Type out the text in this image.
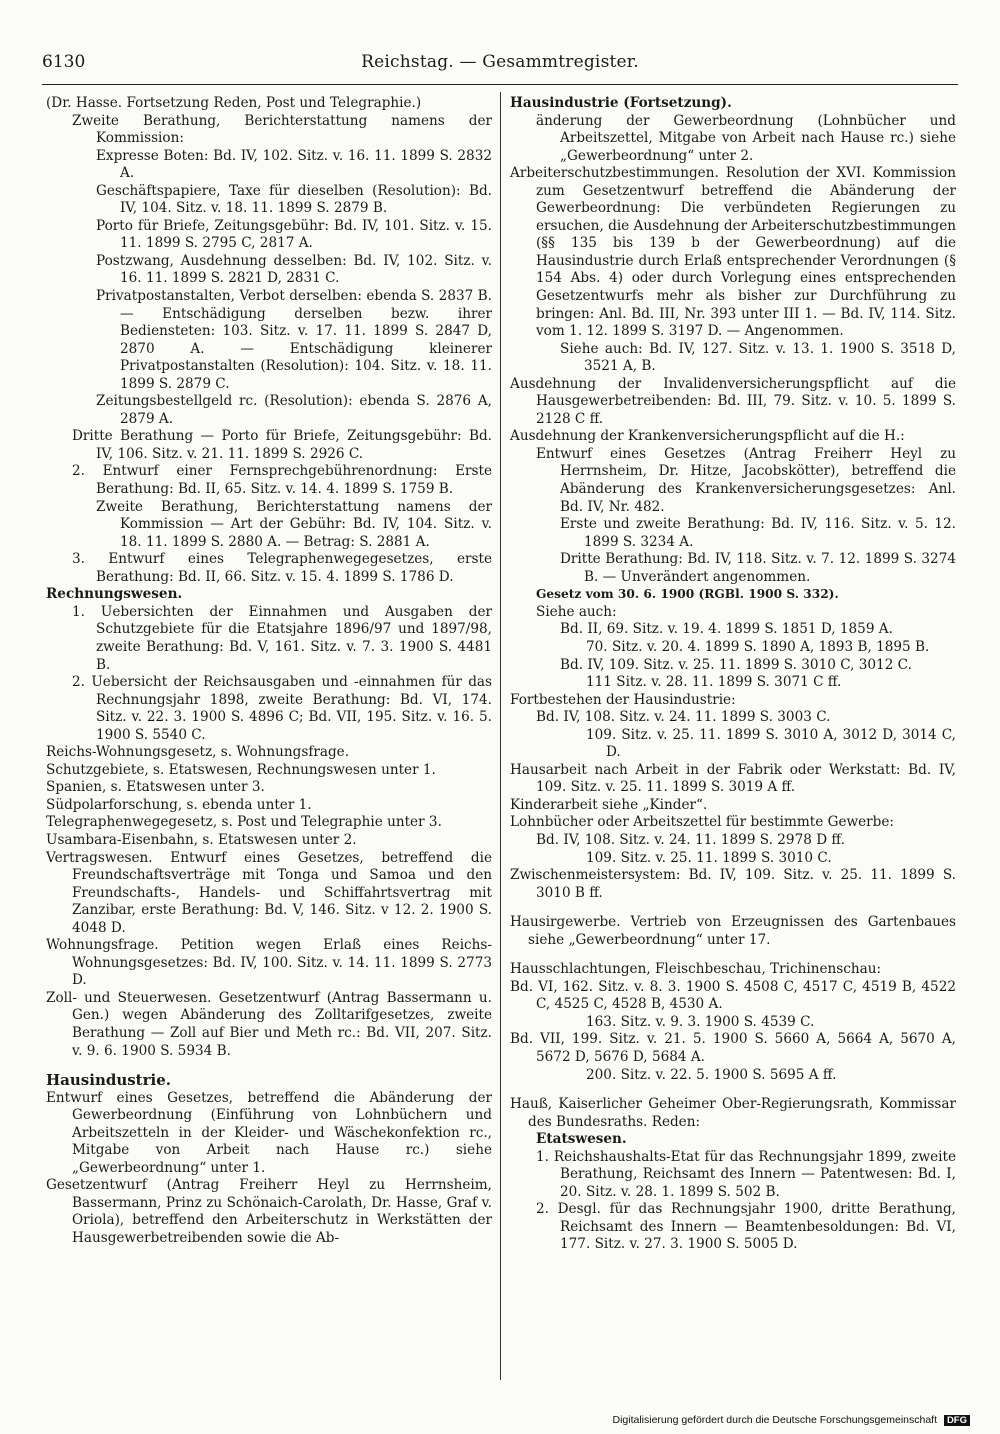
6130	Reichstag. — Gesammtregister.

(Dr. Hasse. Fortsetzung Reden, Post und Telegraphie.)

Zweite Berathung, Berichterstattung namens der Kommission:

Expresse Boten: Bd. IV, 102. Sitz. v. 16. 11. 1899 S. 2832 A.

Geschäftspapiere, Taxe für dieselben (Resolution): Bd. IV, 104. Sitz. v. 18. 11. 1899 S. 2879 B.

Porto für Briefe, Zeitungsgebühr: Bd. IV, 101. Sitz. v. 15. 11. 1899 S. 2795 C, 2817 A.

Postzwang, Ausdehnung desselben: Bd. IV, 102. Sitz. v. 16. 11. 1899 S. 2821 D, 2831 C.

Privatpostanstalten, Verbot derselben: ebenda S. 2837 B. — Entschädigung derselben bezw. ihrer Bediensteten: 103. Sitz. v. 17. 11. 1899 S. 2847 D, 2870 A. — Entschädigung kleinerer Privatpostanstalten (Resolution): 104. Sitz. v. 18. 11. 1899 S. 2879 C.

Zeitungsbestellgeld rc. (Resolution): ebenda S. 2876 A, 2879 A.

Dritte Berathung — Porto für Briefe, Zeitungsgebühr: Bd. IV, 106. Sitz. v. 21. 11. 1899 S. 2926 C.

2. Entwurf einer Fernsprechgebührenordnung: Erste Berathung: Bd. II, 65. Sitz. v. 14. 4. 1899 S. 1759 B.

Zweite Berathung, Berichterstattung namens der Kommission — Art der Gebühr: Bd. IV, 104. Sitz. v. 18. 11. 1899 S. 2880 A. — Betrag: S. 2881 A.

3. Entwurf eines Telegraphenwegegesetzes, erste Berathung: Bd. II, 66. Sitz. v. 15. 4. 1899 S. 1786 D.

Rechnungswesen.

1. Uebersichten der Einnahmen und Ausgaben der Schutzgebiete für die Etatsjahre 1896/97 und 1897/98, zweite Berathung: Bd. V, 161. Sitz. v. 7. 3. 1900 S. 4481 B.

2. Uebersicht der Reichsausgaben und -einnahmen für das Rechnungsjahr 1898, zweite Berathung: Bd. VI, 174. Sitz. v. 22. 3. 1900 S. 4896 C; Bd. VII, 195. Sitz. v. 16. 5. 1900 S. 5540 C.

Reichs-Wohnungsgesetz, s. Wohnungsfrage.

Schutzgebiete, s. Etatswesen, Rechnungswesen unter 1.

Spanien, s. Etatswesen unter 3.

Südpolarforschung, s. ebenda unter 1.

Telegraphenwegegesetz, s. Post und Telegraphie unter 3.

Usambara-Eisenbahn, s. Etatswesen unter 2.

Vertragswesen. Entwurf eines Gesetzes, betreffend die Freundschaftsverträge mit Tonga und Samoa und den Freundschafts-, Handels- und Schiffahrtsvertrag mit Zanzibar, erste Berathung: Bd. V, 146. Sitz. v 12. 2. 1900 S. 4048 D.

Wohnungsfrage. Petition wegen Erlaß eines Reichs-Wohnungsgesetzes: Bd. IV, 100. Sitz. v. 14. 11. 1899 S. 2773 D.

Zoll- und Steuerwesen. Gesetzentwurf (Antrag Bassermann u. Gen.) wegen Abänderung des Zolltarifgesetzes, zweite Berathung — Zoll auf Bier und Meth rc.: Bd. VII, 207. Sitz. v. 9. 6. 1900 S. 5934 B.

Hausindustrie.

Entwurf eines Gesetzes, betreffend die Abänderung der Gewerbeordnung (Einführung von Lohnbüchern und Arbeitszetteln in der Kleider- und Wäschekonfektion rc., Mitgabe von Arbeit nach Hause rc.) siehe „Gewerbeordnung“ unter 1.

Gesetzentwurf (Antrag Freiherr Heyl zu Herrnsheim, Bassermann, Prinz zu Schönaich-Carolath, Dr. Hasse, Graf v. Oriola), betreffend den Arbeiterschutz in Werkstätten der Hausgewerbetreibenden sowie die Ab-

Hausindustrie (Fortsetzung).

änderung der Gewerbeordnung (Lohnbücher und Arbeitszettel, Mitgabe von Arbeit nach Hause rc.) siehe „Gewerbeordnung“ unter 2.

Arbeiterschutzbestimmungen. Resolution der XVI. Kommission zum Gesetzentwurf betreffend die Abänderung der Gewerbeordnung: Die verbündeten Regierungen zu ersuchen, die Ausdehnung der Arbeiterschutzbestimmungen (§§ 135 bis 139 b der Gewerbeordnung) auf die Hausindustrie durch Erlaß entsprechender Verordnungen (§ 154 Abs. 4) oder durch Vorlegung eines entsprechenden Gesetzentwurfs mehr als bisher zur Durchführung zu bringen: Anl. Bd. III, Nr. 393 unter III 1. — Bd. IV, 114. Sitz. vom 1. 12. 1899 S. 3197 D. — Angenommen.

Siehe auch: Bd. IV, 127. Sitz. v. 13. 1. 1900 S. 3518 D, 3521 A, B.

Ausdehnung der Invalidenversicherungspflicht auf die Hausgewerbetreibenden: Bd. III, 79. Sitz. v. 10. 5. 1899 S. 2128 C ff.

Ausdehnung der Krankenversicherungspflicht auf die H.:

Entwurf eines Gesetzes (Antrag Freiherr Heyl zu Herrnsheim, Dr. Hitze, Jacobskötter), betreffend die Abänderung des Krankenversicherungsgesetzes: Anl. Bd. IV, Nr. 482.

Erste und zweite Berathung: Bd. IV, 116. Sitz. v. 5. 12. 1899 S. 3234 A.

Dritte Berathung: Bd. IV, 118. Sitz. v. 7. 12. 1899 S. 3274 B. — Unverändert angenommen.

Gesetz vom 30. 6. 1900 (RGBl. 1900 S. 332).

Siehe auch:

Bd. II, 69. Sitz. v. 19. 4. 1899 S. 1851 D, 1859 A.

70. Sitz. v. 20. 4. 1899 S. 1890 A, 1893 B, 1895 B.

Bd. IV, 109. Sitz. v. 25. 11. 1899 S. 3010 C, 3012 C.

111 Sitz. v. 28. 11. 1899 S. 3071 C ff.

Fortbestehen der Hausindustrie:

Bd. IV, 108. Sitz. v. 24. 11. 1899 S. 3003 C.

109. Sitz. v. 25. 11. 1899 S. 3010 A, 3012 D, 3014 C, D.

Hausarbeit nach Arbeit in der Fabrik oder Werkstatt: Bd. IV, 109. Sitz. v. 25. 11. 1899 S. 3019 A ff.

Kinderarbeit siehe „Kinder“.

Lohnbücher oder Arbeitszettel für bestimmte Gewerbe:

Bd. IV, 108. Sitz. v. 24. 11. 1899 S. 2978 D ff.

109. Sitz. v. 25. 11. 1899 S. 3010 C.

Zwischenmeistersystem: Bd. IV, 109. Sitz. v. 25. 11. 1899 S. 3010 B ff.

Hausirgewerbe. Vertrieb von Erzeugnissen des Gartenbaues siehe „Gewerbeordnung“ unter 17.

Hausschlachtungen, Fleischbeschau, Trichinenschau:

Bd. VI, 162. Sitz. v. 8. 3. 1900 S. 4508 C, 4517 C, 4519 B, 4522 C, 4525 C, 4528 B, 4530 A.

163. Sitz. v. 9. 3. 1900 S. 4539 C.

Bd. VII, 199. Sitz. v. 21. 5. 1900 S. 5660 A, 5664 A, 5670 A, 5672 D, 5676 D, 5684 A.

200. Sitz. v. 22. 5. 1900 S. 5695 A ff.

Hauß, Kaiserlicher Geheimer Ober-Regierungsrath, Kommissar des Bundesraths. Reden:

Etatswesen.

1. Reichshaushalts-Etat für das Rechnungsjahr 1899, zweite Berathung, Reichsamt des Innern — Patentwesen: Bd. I, 20. Sitz. v. 28. 1. 1899 S. 502 B.

2. Desgl. für das Rechnungsjahr 1900, dritte Berathung, Reichsamt des Innern — Beamtenbesoldungen: Bd. VI, 177. Sitz. v. 27. 3. 1900 S. 5005 D.

Digitalisierung gefördert durch die Deutsche Forschungsgemeinschaft DFG
